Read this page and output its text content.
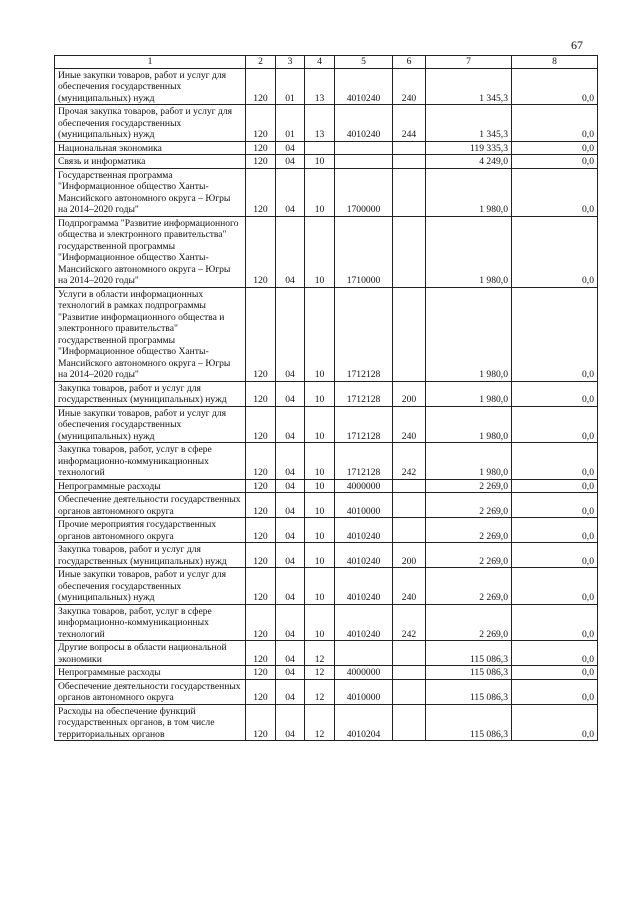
67
1	2	3	4	5	6	7	8
Иные закупки товаров, работ и услуг для обеспечения государственных (муниципальных) нужд	120	01	13	4010240	240	1 345,3	0,0
Прочая закупка товаров, работ и услуг для обеспечения государственных (муниципальных) нужд	120	01	13	4010240	244	1 345,3	0,0
Национальная экономика	120	04				119 335,3	0,0
Связь и информатика	120	04	10			4 249,0	0,0
Государственная программа "Информационное общество Ханты-Мансийского автономного округа – Югры на 2014–2020 годы"	120	04	10	1700000		1 980,0	0,0
Подпрограмма "Развитие информационного общества и электронного правительства" государственной программы "Информационное общество Ханты-Мансийского автономного округа – Югры на 2014–2020 годы"	120	04	10	1710000		1 980,0	0,0
Услуги в области информационных технологий в рамках подпрограммы "Развитие информационного общества и электронного правительства" государственной программы "Информационное общество Ханты-Мансийского автономного округа – Югры на 2014–2020 годы"	120	04	10	1712128		1 980,0	0,0
Закупка товаров, работ и услуг для государственных (муниципальных) нужд	120	04	10	1712128	200	1 980,0	0,0
Иные закупки товаров, работ и услуг для обеспечения государственных (муниципальных) нужд	120	04	10	1712128	240	1 980,0	0,0
Закупка товаров, работ, услуг в сфере информационно-коммуникационных технологий	120	04	10	1712128	242	1 980,0	0,0
Непрограммные расходы	120	04	10	4000000		2 269,0	0,0
Обеспечение деятельности государственных органов автономного округа	120	04	10	4010000		2 269,0	0,0
Прочие мероприятия государственных органов автономного округа	120	04	10	4010240		2 269,0	0,0
Закупка товаров, работ и услуг для государственных (муниципальных) нужд	120	04	10	4010240	200	2 269,0	0,0
Иные закупки товаров, работ и услуг для обеспечения государственных (муниципальных) нужд	120	04	10	4010240	240	2 269,0	0,0
Закупка товаров, работ, услуг в сфере информационно-коммуникационных технологий	120	04	10	4010240	242	2 269,0	0,0
Другие вопросы в области национальной экономики	120	04	12			115 086,3	0,0
Непрограммные расходы	120	04	12	4000000		115 086,3	0,0
Обеспечение деятельности государственных органов автономного округа	120	04	12	4010000		115 086,3	0,0
Расходы на обеспечение функций государственных органов, в том числе территориальных органов	120	04	12	4010204		115 086,3	0,0
